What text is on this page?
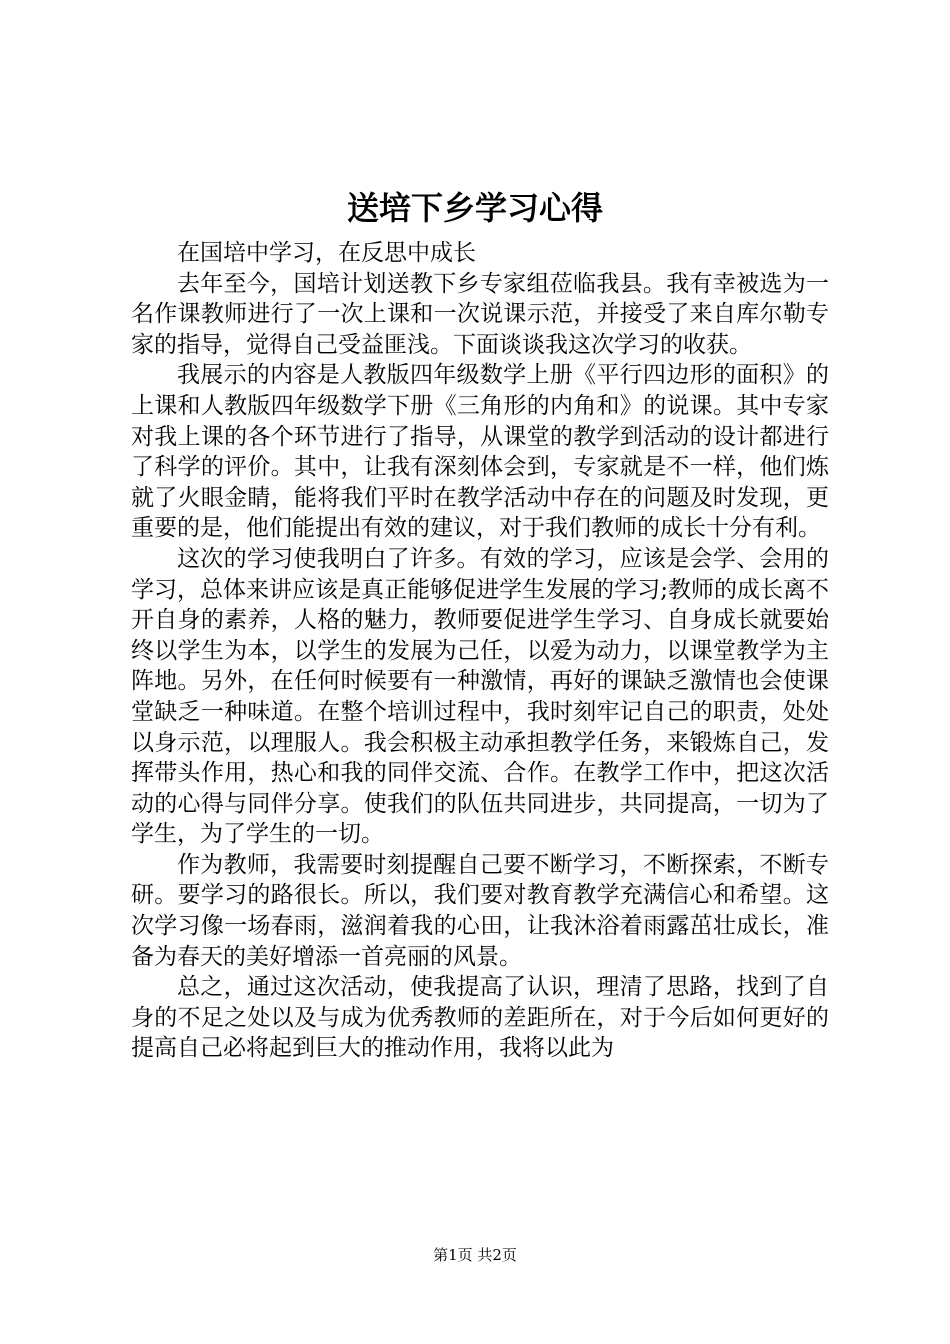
送培下乡学习心得

在国培中学习，在反思中成长

去年至今，国培计划送教下乡专家组莅临我县。我有幸被选为一名作课教师进行了一次上课和一次说课示范，并接受了来自库尔勒专家的指导，觉得自己受益匪浅。下面谈谈我这次学习的收获。

我展示的内容是人教版四年级数学上册《平行四边形的面积》的上课和人教版四年级数学下册《三角形的内角和》的说课。其中专家对我上课的各个环节进行了指导，从课堂的教学到活动的设计都进行了科学的评价。其中，让我有深刻体会到，专家就是不一样，他们炼就了火眼金睛，能将我们平时在教学活动中存在的问题及时发现，更重要的是，他们能提出有效的建议，对于我们教师的成长十分有利。

这次的学习使我明白了许多。有效的学习，应该是会学、会用的学习，总体来讲应该是真正能够促进学生发展的学习;教师的成长离不开自身的素养，人格的魅力，教师要促进学生学习、自身成长就要始终以学生为本，以学生的发展为己任，以爱为动力，以课堂教学为主阵地。另外，在任何时候要有一种激情，再好的课缺乏激情也会使课堂缺乏一种味道。在整个培训过程中，我时刻牢记自己的职责，处处以身示范，以理服人。我会积极主动承担教学任务，来锻炼自己，发挥带头作用，热心和我的同伴交流、合作。在教学工作中，把这次活动的心得与同伴分享。使我们的队伍共同进步，共同提高，一切为了学生，为了学生的一切。

作为教师，我需要时刻提醒自己要不断学习，不断探索，不断专研。要学习的路很长。所以，我们要对教育教学充满信心和希望。这次学习像一场春雨，滋润着我的心田，让我沐浴着雨露茁壮成长，准备为春天的美好增添一首亮丽的风景。

总之，通过这次活动，使我提高了认识，理清了思路，找到了自身的不足之处以及与成为优秀教师的差距所在，对于今后如何更好的提高自己必将起到巨大的推动作用，我将以此为

第1页 共2页
